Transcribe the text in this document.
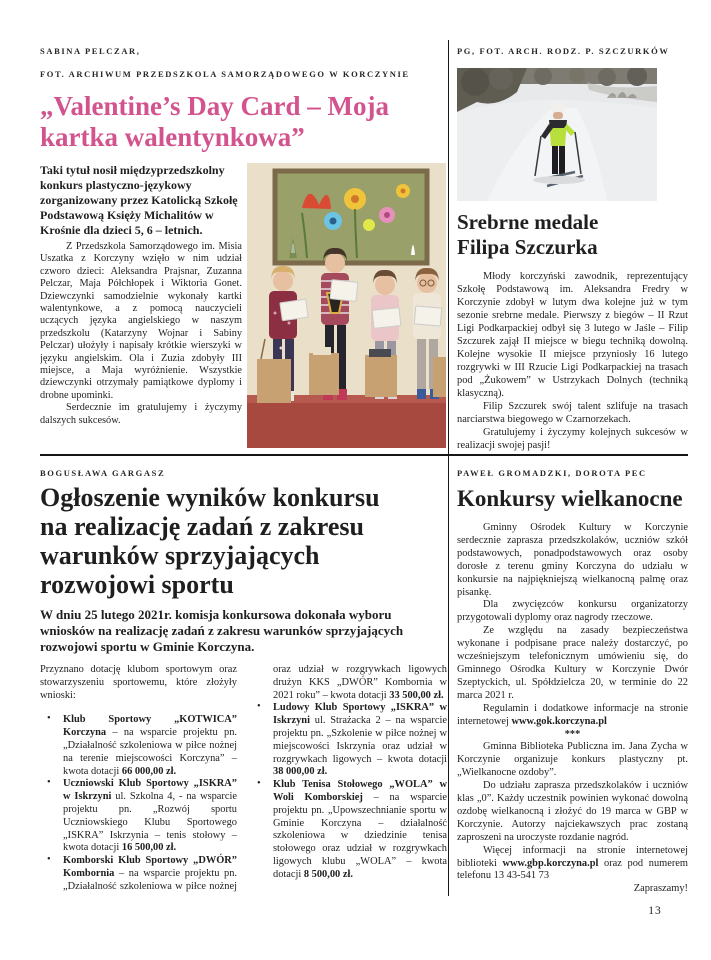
SABINA PELCZAR,
FOT. ARCHIWUM PRZEDSZKOLA SAMORZĄDOWEGO W KORCZYNIE
„Valentine’s Day Card – Moja
kartka walentynkowa”
Taki tytuł nosił międzyprzedszkolny konkurs plastyczno-językowy zorganizowany przez Katolicką Szkołę Podstawową Księży Michalitów w Krośnie dla dzieci 5, 6 – letnich.
Z Przedszkola Samorządowego im. Misia Uszatka z Korczyny wzięło w nim udział czworo dzieci: Aleksandra Prajsnar, Zuzanna Pelczar, Maja Półchłopek i Wiktoria Gonet. Dziewczynki samodzielnie wykonały kartki walentynkowe, a z pomocą nauczycieli uczących języka angielskiego w naszym przedszkolu (Katarzyny Wojnar i Sabiny Pelczar) ułożyły i napisały krótkie wierszyki w języku angielskim. Ola i Zuzia zdobyły III miejsce, a Maja wyróżnienie. Wszystkie dziewczynki otrzymały pamiątkowe dyplomy i drobne upominki.
Serdecznie im gratulujemy i życzymy dalszych sukcesów.
PG, FOT. ARCH. RODZ. P. SZCZURKÓW
Srebrne medale
Filipa Szczurka
Młody korczyński zawodnik, reprezentujący Szkołę Podstawową im. Aleksandra Fredry w Korczynie zdobył w lutym dwa kolejne już w tym sezonie srebrne medale. Pierwszy z biegów – II Rzut Ligi Podkarpackiej odbył się 3 lutego w Jaśle – Filip Szczurek zajął II miejsce w biegu techniką dowolną. Kolejne wysokie II miejsce przyniosły 16 lutego rozgrywki w III Rzucie Ligi Podkarpackiej na trasach pod „Żukowem” w Ustrzykach Dolnych (techniką klasyczną).
Filip Szczurek swój talent szlifuje na trasach narciarstwa biegowego w Czarnorzekach.
Gratulujemy i życzymy kolejnych sukcesów w realizacji swojej pasji!
BOGUSŁAWA GARGASZ
Ogłoszenie wyników konkursu
na realizację zadań z zakresu
warunków sprzyjających
rozwojowi sportu
W dniu 25 lutego 2021r. komisja konkursowa dokonała wyboru wniosków na realizację zadań z zakresu warunków sprzyjających rozwojowi sportu w Gminie Korczyna.
Przyznano dotację klubom sportowym oraz stowarzyszeniu sportowemu, które złożyły wnioski:
• Klub Sportowy „KOTWICA” Korczyna – na wsparcie projektu pn. „Działalność szkoleniowa w piłce nożnej na terenie miejscowości Korczyna” – kwota dotacji 66 000,00 zł.
• Uczniowski Klub Sportowy „ISKRA” w Iskrzyni ul. Szkolna 4, - na wsparcie projektu pn. „Rozwój sportu Uczniowskiego Klubu Sportowego „ISKRA” Iskrzynia – tenis stołowy – kwota dotacji 16 500,00 zł.
• Komborski Klub Sportowy „DWÓR” Kombornia – na wsparcie projektu pn. „Działalność szkoleniowa w piłce nożnej oraz udział w rozgrywkach ligowych drużyn KKS „DWÓR” Kombornia w 2021 roku” – kwota dotacji 33 500,00 zł.
• Ludowy Klub Sportowy „ISKRA” w Iskrzyni ul. Strażacka 2 – na wsparcie projektu pn. „Szkolenie w piłce nożnej w miejscowości Iskrzynia oraz udział w rozgrywkach ligowych – kwota dotacji 38 000,00 zł.
• Klub Tenisa Stołowego „WOLA” w Woli Komborskiej – na wsparcie projektu pn. „Upowszechnianie sportu w Gminie Korczyna – działalność szkoleniowa w dziedzinie tenisa stołowego oraz udział w rozgrywkach ligowych klubu „WOLA” – kwota dotacji 8 500,00 zł.
PAWEŁ GROMADZKI, DOROTA PEC
Konkursy wielkanocne
Gminny Ośrodek Kultury w Korczynie serdecznie zaprasza przedszkolaków, uczniów szkół podstawowych, ponadpodstawowych oraz osoby dorosłe z terenu gminy Korczyna do udziału w konkursie na najpiękniejszą wielkanocną palmę oraz pisankę.
Dla zwycięzców konkursu organizatorzy przygotowali dyplomy oraz nagrody rzeczowe.
Ze względu na zasady bezpieczeństwa wykonane i podpisane prace należy dostarczyć, po wcześniejszym telefonicznym umówieniu się, do Gminnego Ośrodka Kultury w Korczynie Dwór Szeptyckich, ul. Spółdzielcza 20, w terminie do 22 marca 2021 r.
Regulamin i dodatkowe informacje na stronie internetowej www.gok.korczyna.pl
***
Gminna Biblioteka Publiczna im. Jana Zycha w Korczynie organizuje konkurs plastyczny pt. „Wielkanocne ozdoby”.
Do udziału zaprasza przedszkolaków i uczniów klas „0”. Każdy uczestnik powinien wykonać dowolną ozdobę wielkanocną i złożyć do 19 marca w GBP w Korczynie. Autorzy najciekawszych prac zostaną zaproszeni na uroczyste rozdanie nagród.
Więcej informacji na stronie internetowej biblioteki www.gbp.korczyna.pl oraz pod numerem telefonu 13 43-541 73
Zapraszamy!
13
